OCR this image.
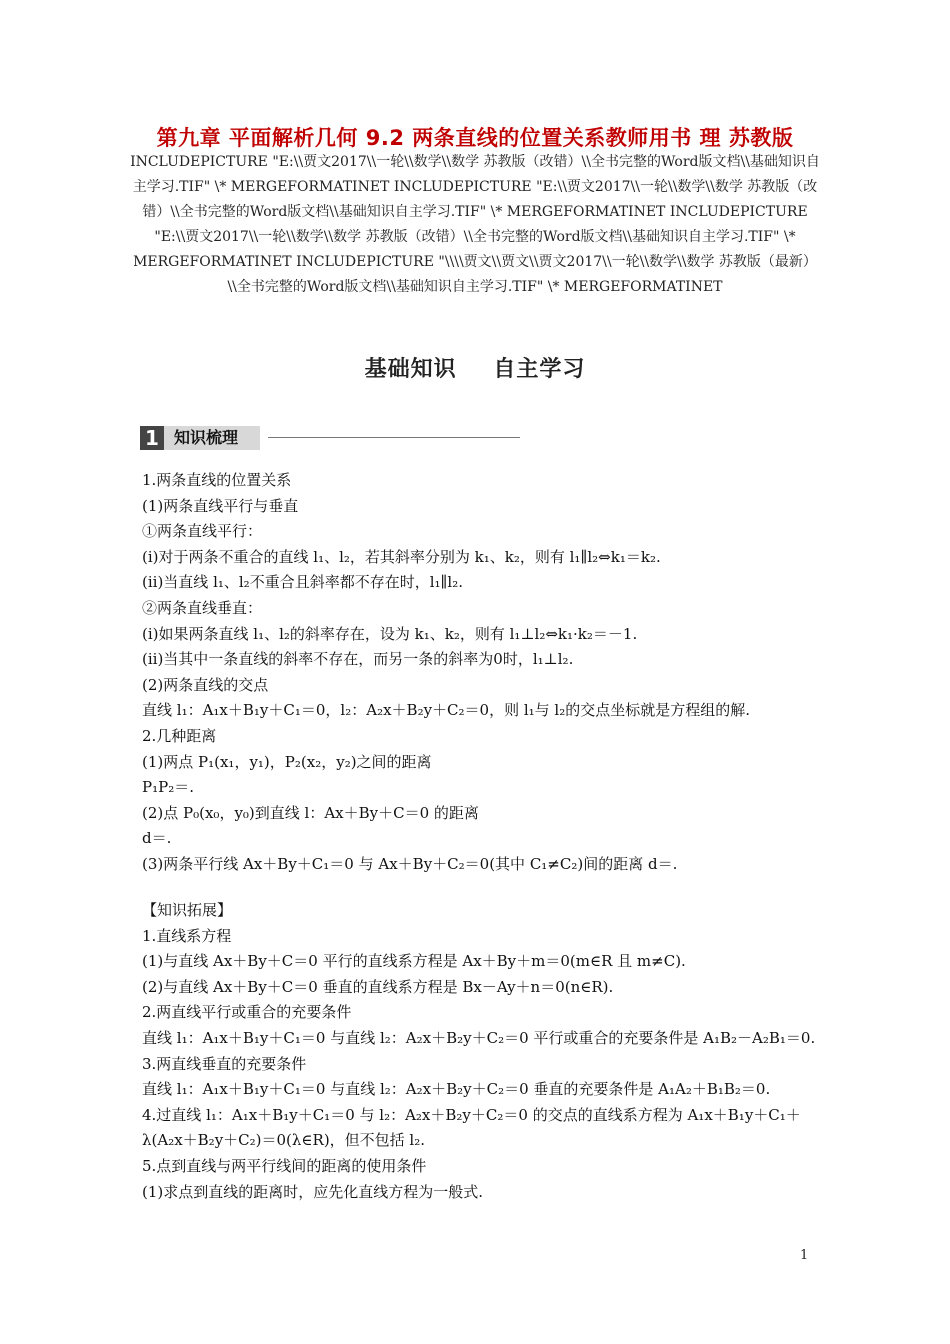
第九章 平面解析几何 9.2 两条直线的位置关系教师用书 理 苏教版
INCLUDEPICTURE "E:\\贾文2017\\一轮\\数学\\数学 苏教版（改错）\\全书完整的Word版文档\\基础知识自主学习.TIF" \* MERGEFORMATINET INCLUDEPICTURE "E:\\贾文2017\\一轮\\数学\\数学 苏教版（改错）\\全书完整的Word版文档\\基础知识自主学习.TIF" \* MERGEFORMATINET INCLUDEPICTURE "E:\\贾文2017\\一轮\\数学\\数学 苏教版（改错）\\全书完整的Word版文档\\基础知识自主学习.TIF" \* MERGEFORMATINET INCLUDEPICTURE "\\\\贾文\\贾文\\贾文2017\\一轮\\数学\\数学 苏教版（最新）\\全书完整的Word版文档\\基础知识自主学习.TIF" \* MERGEFORMATINET
基础知识 自主学习
1 知识梳理
1.两条直线的位置关系
(1)两条直线平行与垂直
①两条直线平行：
(ⅰ)对于两条不重合的直线 l₁、l₂，若其斜率分别为 k₁、k₂，则有 l₁∥l₂⇔k₁＝k₂.
(ⅱ)当直线 l₁、l₂不重合且斜率都不存在时，l₁∥l₂.
②两条直线垂直：
(ⅰ)如果两条直线 l₁、l₂的斜率存在，设为 k₁、k₂，则有 l₁⊥l₂⇔k₁·k₂＝－1.
(ⅱ)当其中一条直线的斜率不存在，而另一条的斜率为0时，l₁⊥l₂.
(2)两条直线的交点
直线 l₁：A₁x＋B₁y＋C₁＝0，l₂：A₂x＋B₂y＋C₂＝0，则 l₁与 l₂的交点坐标就是方程组的解.
2.几种距离
(1)两点 P₁(x₁，y₁)，P₂(x₂，y₂)之间的距离
P₁P₂＝.
(2)点 P₀(x₀，y₀)到直线 l：Ax＋By＋C＝0 的距离
d＝.
(3)两条平行线 Ax＋By＋C₁＝0 与 Ax＋By＋C₂＝0(其中 C₁≠C₂)间的距离 d＝.
【知识拓展】
1.直线系方程
(1)与直线 Ax＋By＋C＝0 平行的直线系方程是 Ax＋By＋m＝0(m∈R 且 m≠C).
(2)与直线 Ax＋By＋C＝0 垂直的直线系方程是 Bx－Ay＋n＝0(n∈R).
2.两直线平行或重合的充要条件
直线 l₁：A₁x＋B₁y＋C₁＝0 与直线 l₂：A₂x＋B₂y＋C₂＝0 平行或重合的充要条件是 A₁B₂－A₂B₁＝0.
3.两直线垂直的充要条件
直线 l₁：A₁x＋B₁y＋C₁＝0 与直线 l₂：A₂x＋B₂y＋C₂＝0 垂直的充要条件是 A₁A₂＋B₁B₂＝0.
4.过直线 l₁：A₁x＋B₁y＋C₁＝0 与 l₂：A₂x＋B₂y＋C₂＝0 的交点的直线系方程为 A₁x＋B₁y＋C₁＋
λ(A₂x＋B₂y＋C₂)＝0(λ∈R)，但不包括 l₂.
5.点到直线与两平行线间的距离的使用条件
(1)求点到直线的距离时，应先化直线方程为一般式.
1
